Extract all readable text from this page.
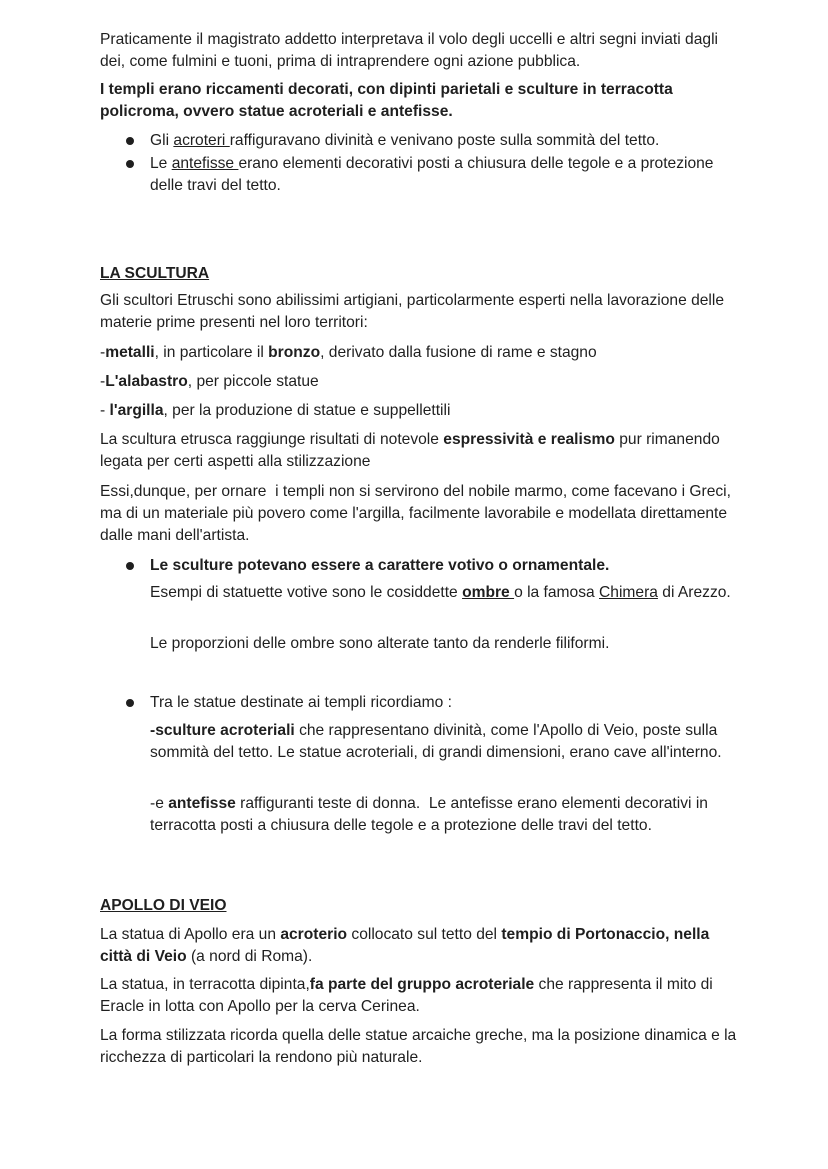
Praticamente il magistrato addetto interpretava il volo degli uccelli e altri segni inviati dagli dei, come fulmini e tuoni, prima di intraprendere ogni azione pubblica.

I templi erano riccamenti decorati, con dipinti parietali e sculture in terracotta policroma, ovvero statue acroteriali e antefisse.

Gli acroteri raffiguravano divinità e venivano poste sulla sommità del tetto.

Le antefisse erano elementi decorativi posti a chiusura delle tegole e a protezione delle travi del tetto.

LA SCULTURA

Gli scultori Etruschi sono abilissimi artigiani, particolarmente esperti nella lavorazione delle materie prime presenti nel loro territori:

-metalli, in particolare il bronzo, derivato dalla fusione di rame e stagno

-L'alabastro, per piccole statue

- l'argilla, per la produzione di statue e suppellettili

La scultura etrusca raggiunge risultati di notevole espressività e realismo pur rimanendo legata per certi aspetti alla stilizzazione

Essi,dunque, per ornare  i templi non si servirono del nobile marmo, come facevano i Greci, ma di un materiale più povero come l'argilla, facilmente lavorabile e modellata direttamente dalle mani dell'artista.

Le sculture potevano essere a carattere votivo o ornamentale.

Esempi di statuette votive sono le cosiddette ombre o la famosa Chimera di Arezzo.

Le proporzioni delle ombre sono alterate tanto da renderle filiformi.

Tra le statue destinate ai templi ricordiamo :

-sculture acroteriali che rappresentano divinità, come l'Apollo di Veio, poste sulla sommità del tetto. Le statue acroteriali, di grandi dimensioni, erano cave all'interno.

-e antefisse raffiguranti teste di donna.  Le antefisse erano elementi decorativi in terracotta posti a chiusura delle tegole e a protezione delle travi del tetto.

APOLLO DI VEIO

La statua di Apollo era un acroterio collocato sul tetto del tempio di Portonaccio, nella città di Veio (a nord di Roma).

La statua, in terracotta dipinta,fa parte del gruppo acroteriale che rappresenta il mito di Eracle in lotta con Apollo per la cerva Cerinea.

La forma stilizzata ricorda quella delle statue arcaiche greche, ma la posizione dinamica e la ricchezza di particolari la rendono più naturale.
